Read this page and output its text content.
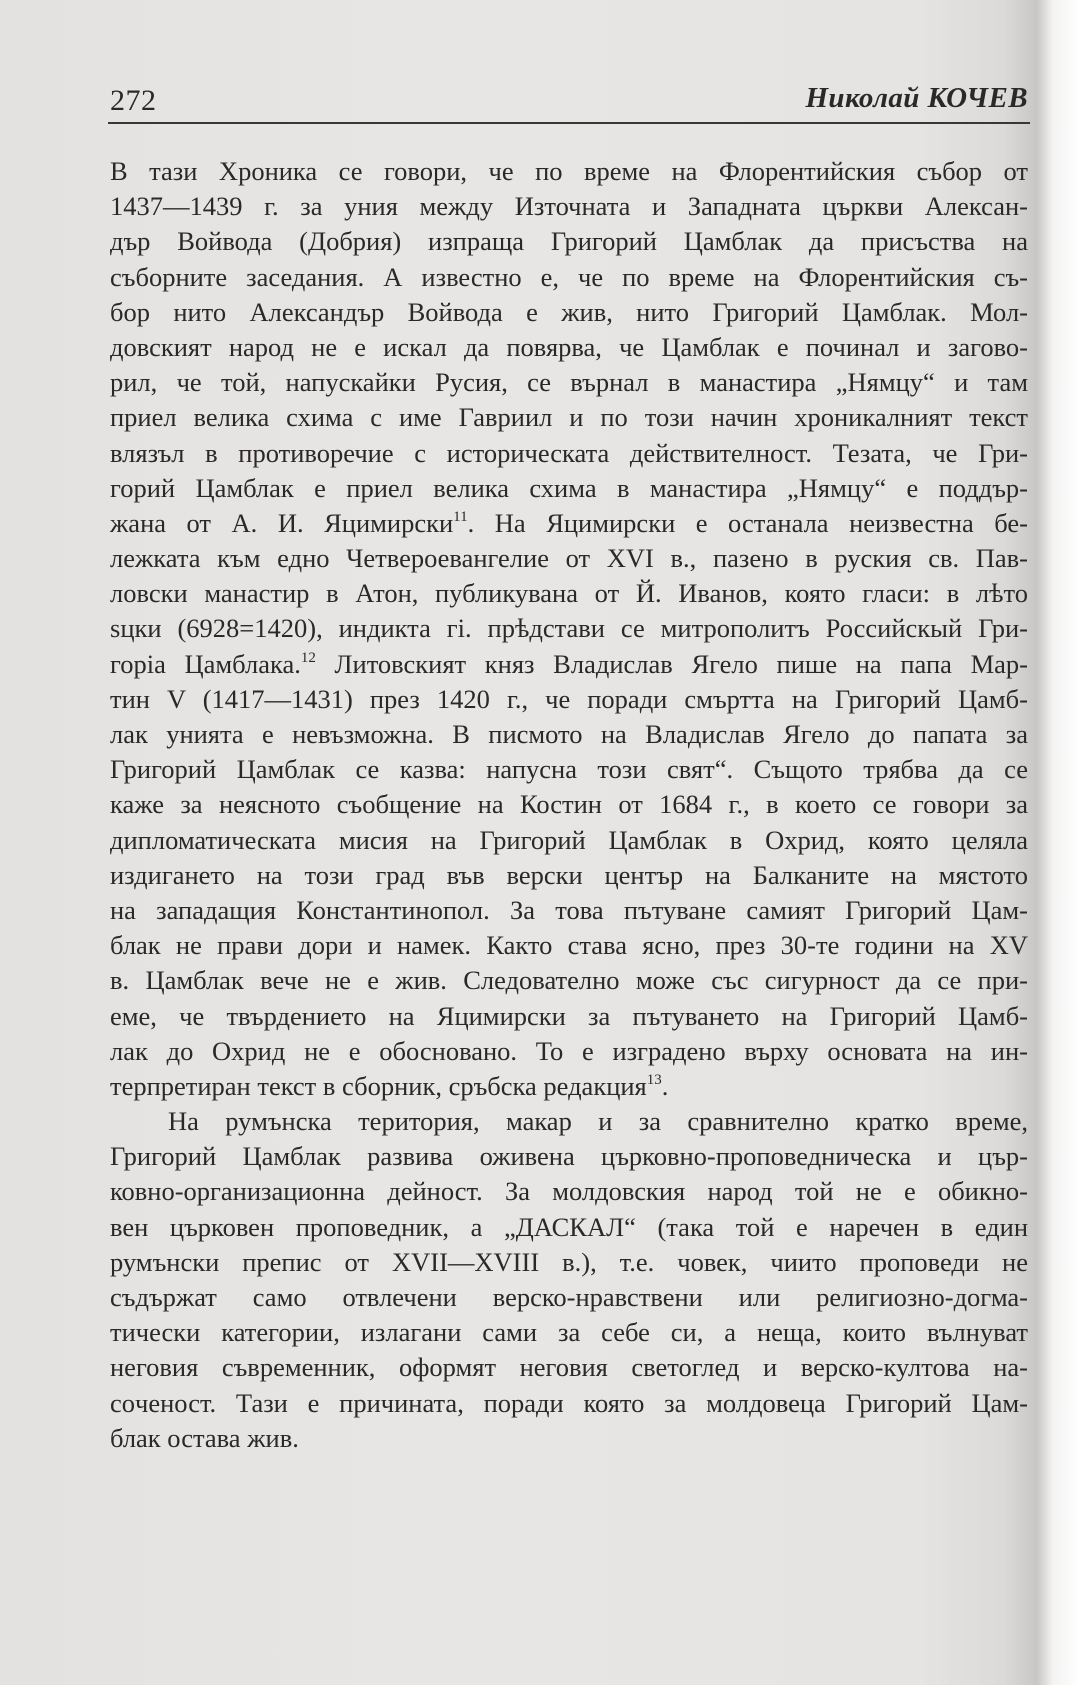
272	Николай КОЧЕВ
В тази Хроника се говори, че по време на Флорентийския събор от
1437—1439 г. за уния между Източната и Западната църкви Алексан-
дър Войвода (Добрия) изпраща Григорий Цамблак да присъства на
съборните заседания. А известно е, че по време на Флорентийския съ-
бор нито Александър Войвода е жив, нито Григорий Цамблак. Мол-
довският народ не е искал да повярва, че Цамблак е починал и загово-
рил, че той, напускайки Русия, се върнал в манастира „Нямцу“ и там
приел велика схима с име Гавриил и по този начин хроникалният текст
влязъл в противоречие с историческата действителност. Тезата, че Гри-
горий Цамблак е приел велика схима в манастира „Нямцу“ е поддър-
жана от А. И. Яцимирски$^{11}$. На Яцимирски е останала неизвестна бе-
лежката към едно Четвероевангелие от XVI в., пазено в руския св. Пав-
ловски манастир в Атон, публикувана от Й. Иванов, която гласи: в лѣто
ѕцки (6928=1420), индикта гі. прѣдстави се митрополитъ Российскый Гри-
горіа Цамблака.$^{12}$ Литовският княз Владислав Ягело пише на папа Мар-
тин V (1417—1431) през 1420 г., че поради смъртта на Григорий Цамб-
лак унията е невъзможна. В писмото на Владислав Ягело до папата за
Григорий Цамблак се казва: напусна този свят“. Същото трябва да се
каже за неясното съобщение на Костин от 1684 г., в което се говори за
дипломатическата мисия на Григорий Цамблак в Охрид, която целяла
издигането на този град във верски център на Балканите на мястото
на западащия Константинопол. За това пътуване самият Григорий Цам-
блак не прави дори и намек. Както става ясно, през 30-те години на XV
в. Цамблак вече не е жив. Следователно може със сигурност да се при-
еме, че твърдението на Яцимирски за пътуването на Григорий Цамб-
лак до Охрид не е обосновано. То е изградено върху основата на ин-
терпретиран текст в сборник, сръбска редакция$^{13}$.
На румънска територия, макар и за сравнително кратко време,
Григорий Цамблак развива оживена църковно-проповедническа и цър-
ковно-организационна дейност. За молдовския народ той не е обикно-
вен църковен проповедник, а „ДАСКАЛ“ (така той е наречен в един
румънски препис от XVII—XVIII в.), т.е. човек, чиито проповеди не
съдържат само отвлечени верско-нравствени или религиозно-догма-
тически категории, излагани сами за себе си, а неща, които вълнуват
неговия съвременник, оформят неговия светоглед и верско-култова на-
сoченост. Тази е причината, поради която за молдовеца Григорий Цам-
блак остава жив.
